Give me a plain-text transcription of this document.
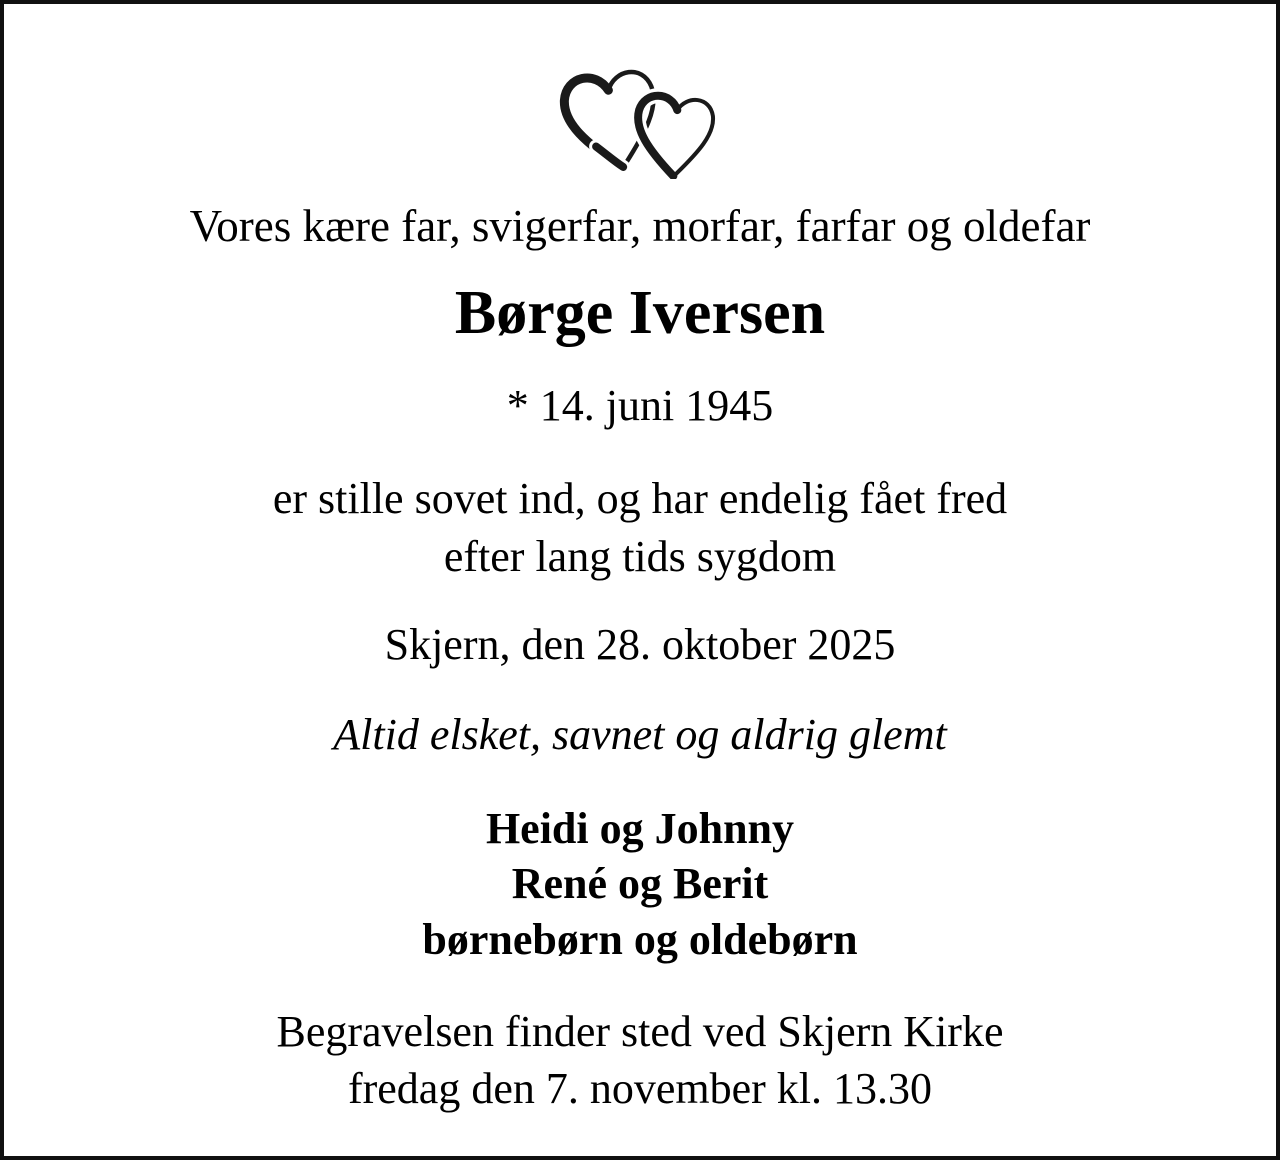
Vores kære far, svigerfar, morfar, farfar og oldefar
Børge Iversen
* 14. juni 1945
er stille sovet ind, og har endelig fået fred
efter lang tids sygdom
Skjern, den 28. oktober 2025
Altid elsket, savnet og aldrig glemt
Heidi og Johnny
René og Berit
børnebørn og oldebørn
Begravelsen finder sted ved Skjern Kirke
fredag den 7. november kl. 13.30
